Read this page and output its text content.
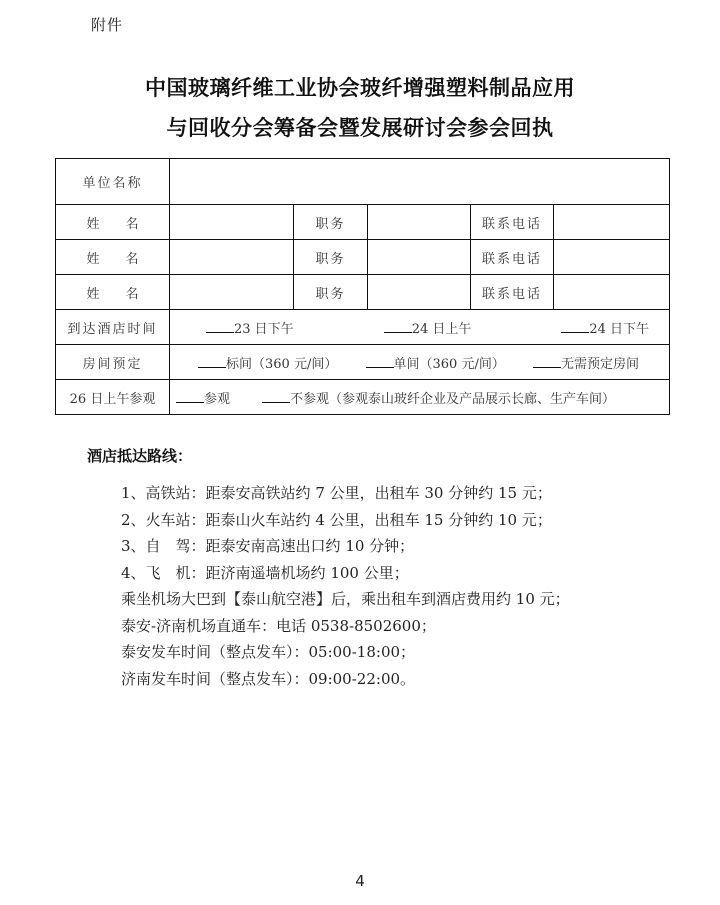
附件
中国玻璃纤维工业协会玻纤增强塑料制品应用
与回收分会筹备会暨发展研讨会参会回执
单位名称					
姓　　名		职务		联系电话	
姓　　名		职务		联系电话	
姓　　名		职务		联系电话	
到达酒店时间	23 日下午 24 日上午 24 日下午				

房间预定	标间（360 元/间） 单间（360 元/间） 无需预定房间				

26 日上午参观	参观 不参观（参观泰山玻纤企业及产品展示长廊、生产车间）				
酒店抵达路线：
1、高铁站：距泰安高铁站约 7 公里，出租车 30 分钟约 15 元；
2、火车站：距泰山火车站约 4 公里，出租车 15 分钟约 10 元；
3、自　驾：距泰安南高速出口约 10 分钟；
4、飞　机：距济南遥墙机场约 100 公里；
乘坐机场大巴到【泰山航空港】后，乘出租车到酒店费用约 10 元；
泰安-济南机场直通车：电话 0538-8502600；
泰安发车时间（整点发车）：05:00-18:00；
济南发车时间（整点发车）：09:00-22:00。
4
